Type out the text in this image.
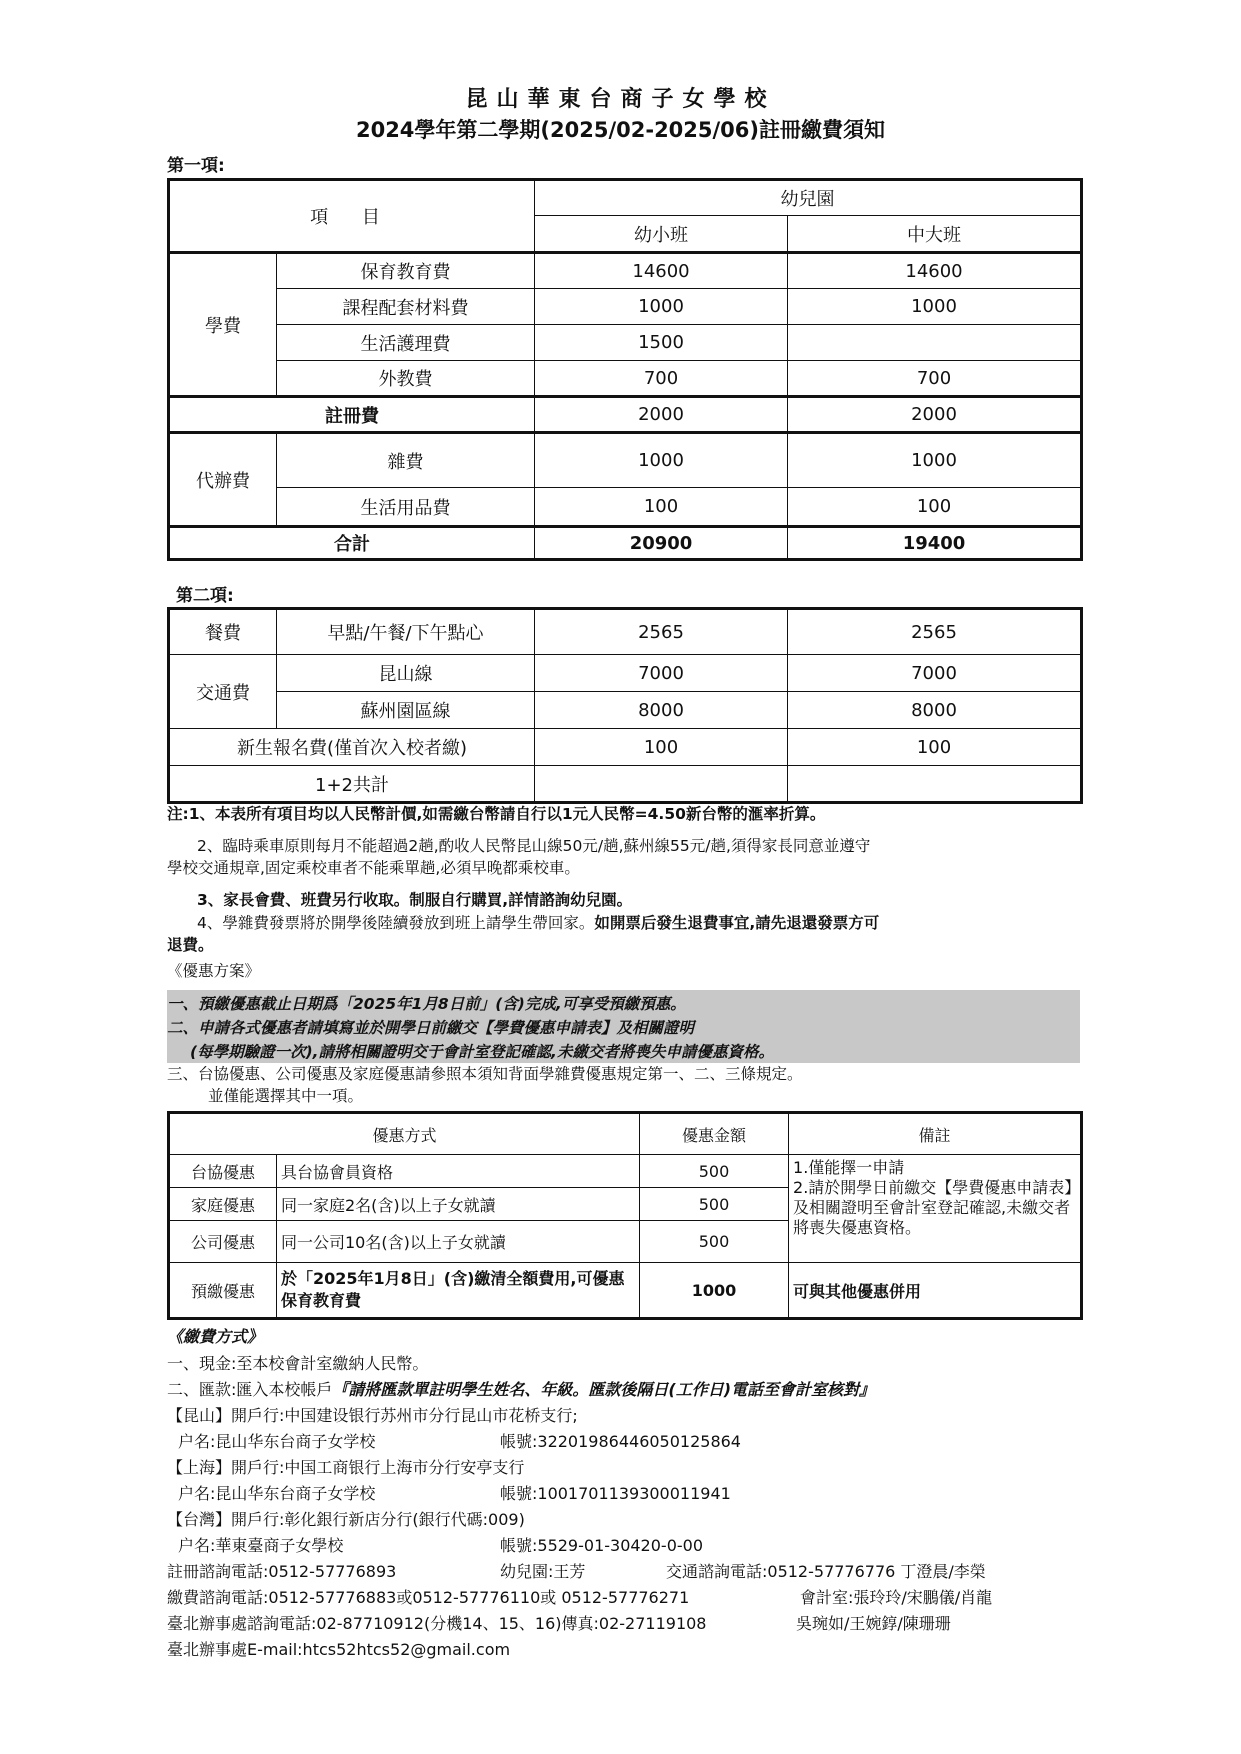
昆山華東台商子女學校
2024學年第二學期(2025/02-2025/06)註冊繳費須知
第一項:
項 目		幼兒園	
		幼小班	中大班
學費	保育教育費	14600	14600
	課程配套材料費	1000	1000
	生活護理費	1500	
	外教費	700	700
註冊費		2000	2000
代辦費	雜費	1000	1000
	生活用品費	100	100
合計		20900	19400
第二項:
餐費	早點/午餐/下午點心	2565	2565
交通費	昆山線	7000	7000
	蘇州園區線	8000	8000
新生報名費(僅首次入校者繳)		100	100
1+2共計			
注:1、本表所有項目均以人民幣計價,如需繳台幣請自行以1元人民幣=4.50新台幣的滙率折算。
2、臨時乘車原則每月不能超過2趟,酌收人民幣昆山線50元/趟,蘇州線55元/趟,須得家長同意並遵守
學校交通規章,固定乘校車者不能乘單趟,必須早晚都乘校車。
3、家長會費、班費另行收取。制服自行購買,詳情諮詢幼兒園。
4、學雜費發票將於開學後陸續發放到班上請學生帶回家。如開票后發生退費事宜,請先退還發票方可
退費。
《優惠方案》
一、預繳優惠截止日期爲「2025年1月8日前」(含)完成,可享受預繳預惠。
二、申請各式優惠者請填寫並於開學日前繳交【學費優惠申請表】及相關證明
(每學期驗證一次),請將相關證明交于會計室登記確認,未繳交者將喪失申請優惠資格。
三、台協優惠、公司優惠及家庭優惠請參照本須知背面學雜費優惠規定第一、二、三條規定。
並僅能選擇其中一項。
優惠方式		優惠金額	備註
台協優惠	具台協會員資格	500	1.僅能擇一申請
2.請於開學日前繳交【學費優惠申請表】及相關證明至會計室登記確認,未繳交者將喪失優惠資格。

家庭優惠	同一家庭2名(含)以上子女就讀	500	
公司優惠	同一公司10名(含)以上子女就讀	500	
預繳優惠	於「2025年1月8日」(含)繳清全額費用,可優惠保育教育費	1000	可與其他優惠併用
《繳費方式》
一、現金:至本校會計室繳納人民幣。
二、匯款:匯入本校帳戶『請將匯款單註明學生姓名、年級。匯款後隔日(工作日)電話至會計室核對』
【昆山】開戶行:中国建设银行苏州市分行昆山市花桥支行;
户名:昆山华东台商子女学校	帳號:32201986446050125864
【上海】開戶行:中国工商银行上海市分行安亭支行
户名:昆山华东台商子女学校	帳號:1001701139300011941
【台灣】開戶行:彰化銀行新店分行(銀行代碼:009)
户名:華東臺商子女學校	帳號:5529-01-30420-0-00
註冊諮詢電話:0512-57776893	幼兒園:王芳	交通諮詢電話:0512-57776776 丁澄晨/李榮
繳費諮詢電話:0512-57776883或0512-57776110或 0512-57776271	會計室:張玲玲/宋鵬儀/肖龍
臺北辦事處諮詢電話:02-87710912(分機14、15、16)傳真:02-27119108	吳琬如/王婉錞/陳珊珊
臺北辦事處E-mail:htcs52htcs52@gmail.com
